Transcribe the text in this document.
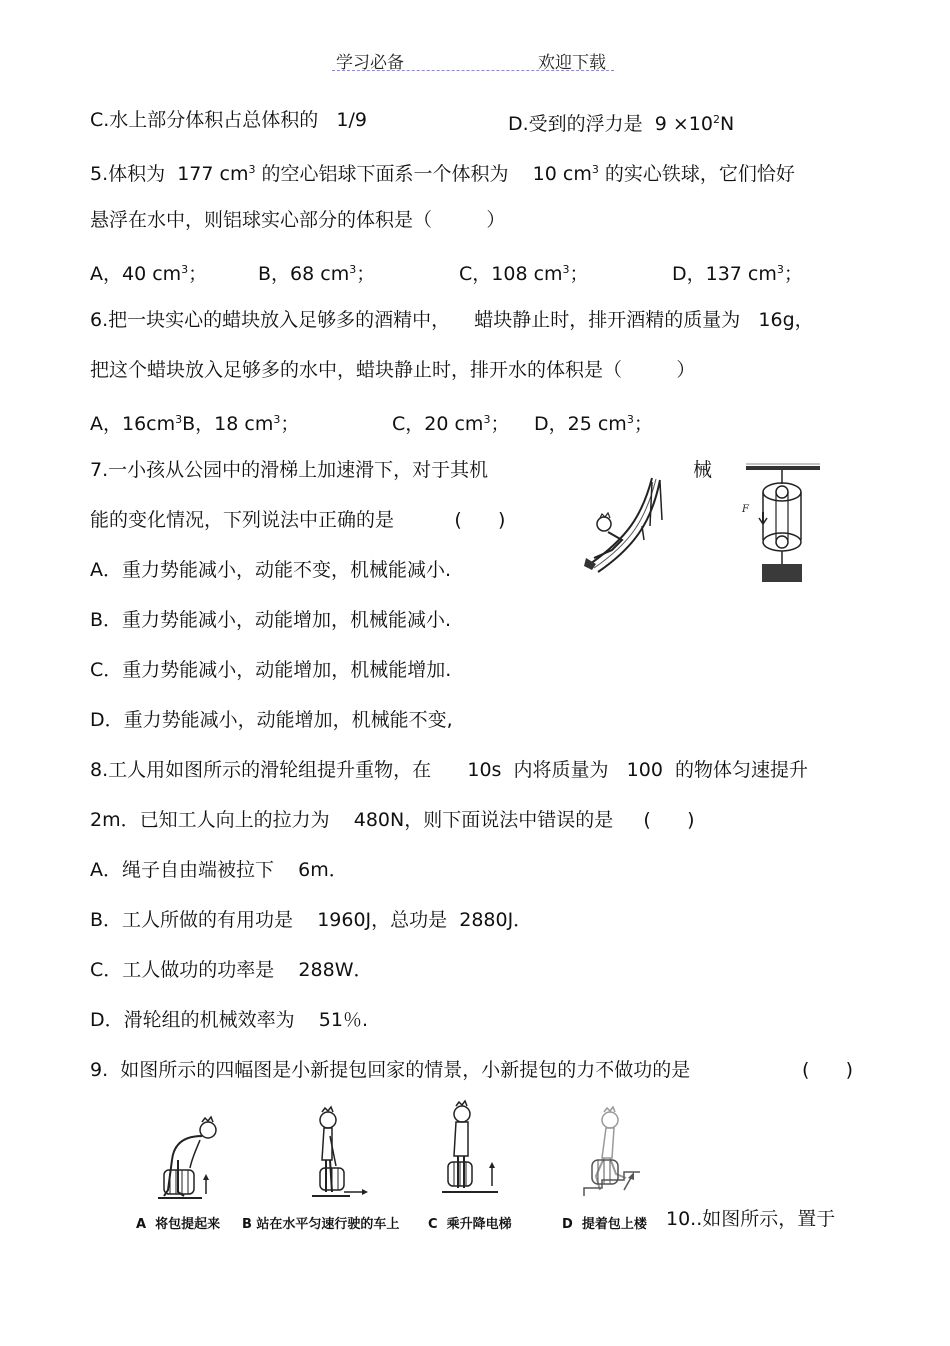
学习必备	欢迎下载
C.水上部分体积占总体积的   1/9	D.受到的浮力是  $9 \times 10^2N$
5.体积为  177 $cm^3$ 的空心铝球下面系一个体积为    10 $cm^3$ 的实心铁球，它们恰好
悬浮在水中，则铝球实心部分的体积是（         ）
A，40 $cm^3$；	B，68 $cm^3$；	C，108 $cm^3$；	D，137 $cm^3$；
6.把一块实心的蜡块放入足够多的酒精中，    蜡块静止时，排开酒精的质量为   16g，
把这个蜡块放入足够多的水中，蜡块静止时，排开水的体积是（         ）
A，$16cm^3B$，18 $cm^3$；	C，20 $cm^3$； D，25 $cm^3$；
7.一小孩从公园中的滑梯上加速滑下，对于其机	械
能的变化情况，下列说法中正确的是          (      )
A．重力势能减小，动能不变，机械能减小.
B．重力势能减小，动能增加，机械能减小.
C．重力势能减小，动能增加，机械能增加.
D．重力势能减小，动能增加，机械能不变,
F
8.工人用如图所示的滑轮组提升重物，在      10s  内将质量为   100  的物体匀速提升
2m．已知工人向上的拉力为    480N，则下面说法中错误的是     (      )
A．绳子自由端被拉下    6m．
B．工人所做的有用功是    1960J，总功是  2880J．
C．工人做功的功率是    288W．
D．滑轮组的机械效率为    51％.
9.  如图所示的四幅图是小新提包回家的情景，小新提包的力不做功的是	(      )
A  将包提起来 B 站在水平匀速行驶的车上 C  乘升降电梯	D  提着包上楼 10..如图所示，置于
